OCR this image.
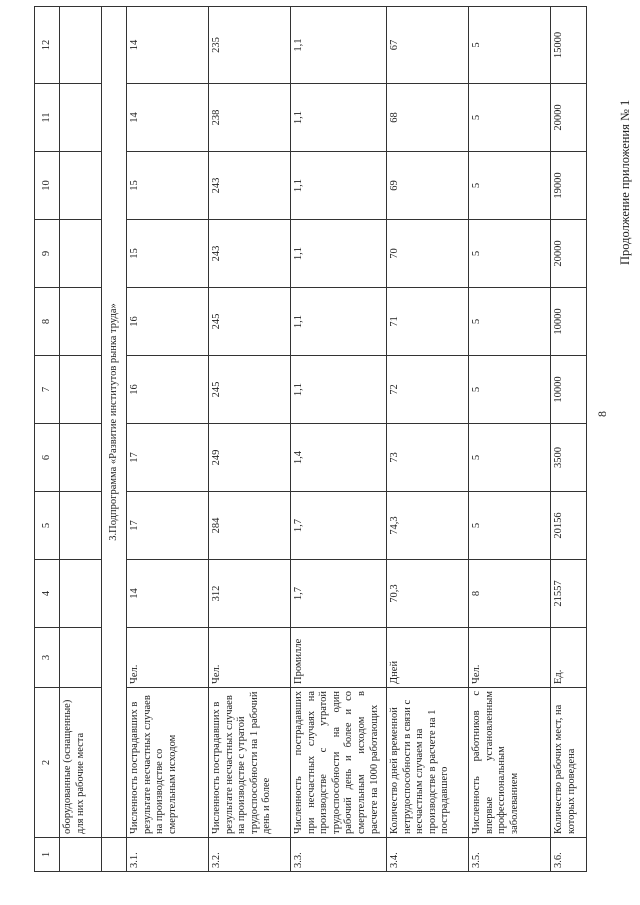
8
Продолжение приложения № 1
1	2	3	4	5	6	7	8	9	10	11	12
	оборудованные (оснащенные) для них рабочие места										
	3.Подпрограмма «Развитие институтов рынка труда»										
3.1.	Численность пострадавших в результате несчастных случаев на производстве со смертельным исходом	Чел.	14	17	17	16	16	15	15	14	14
3.2.	Численность пострадавших в результате несчастных случаев на производстве с утратой трудоспособности на 1 рабочий день и более	Чел.	312	284	249	245	245	243	243	238	235
3.3.	Численность пострадавших при несчастных случаях на производстве с утратой трудоспособности на один рабочий день и более и со смертельным исходом в расчете на 1000 работающих	Промилле	1,7	1,7	1,4	1,1	1,1	1,1	1,1	1,1	1,1
3.4.	Количество дней временной нетрудоспособности в связи с несчастным случаем на производстве в расчете на 1 пострадавшего	Дней	70,3	74,3	73	72	71	70	69	68	67
3.5.	Численность работников с впервые установленным профессиональным заболеванием	Чел.	8	5	5	5	5	5	5	5	5
3.6.	Количество рабочих мест, на которых проведена	Ед.	21557	20156	3500	10000	10000	20000	19000	20000	15000
